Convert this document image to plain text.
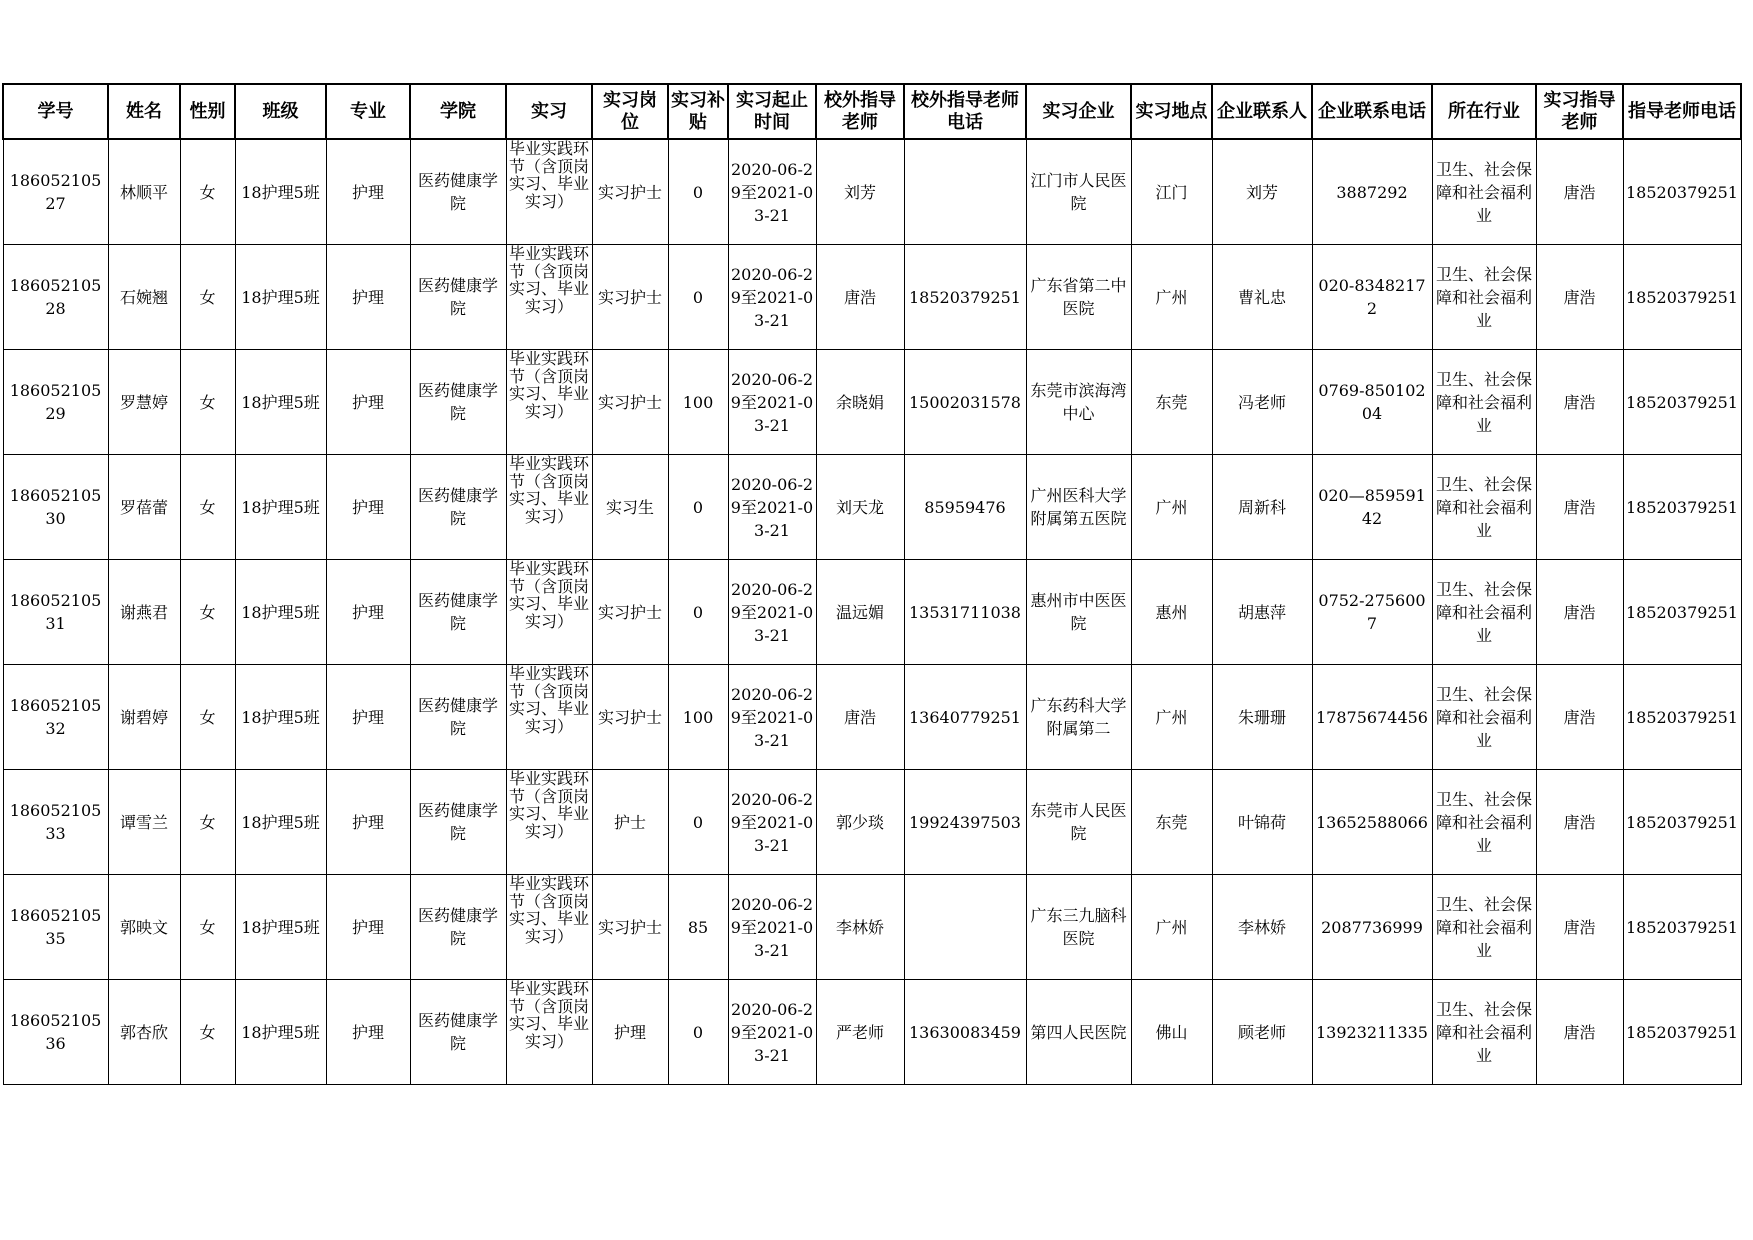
学号	姓名	性别	班级	专业	学院	实习	实习岗位	实习补贴	实习起止时间	校外指导老师	校外指导老师电话	实习企业	实习地点	企业联系人	企业联系电话	所在行业	实习指导老师	指导老师电话
18605210527	林顺平	女	18护理5班	护理	医药健康学院	毕业实践环节（含顶岗实习、毕业实习）	实习护士	0	2020-06-29至2021-03-21	刘芳		江门市人民医院	江门	刘芳	3887292	卫生、社会保障和社会福利业	唐浩	18520379251
18605210528	石婉翘	女	18护理5班	护理	医药健康学院	毕业实践环节（含顶岗实习、毕业实习）	实习护士	0	2020-06-29至2021-03-21	唐浩	18520379251	广东省第二中医院	广州	曹礼忠	020-83482172	卫生、社会保障和社会福利业	唐浩	18520379251
18605210529	罗慧婷	女	18护理5班	护理	医药健康学院	毕业实践环节（含顶岗实习、毕业实习）	实习护士	100	2020-06-29至2021-03-21	余晓娟	15002031578	东莞市滨海湾中心	东莞	冯老师	0769-85010204	卫生、社会保障和社会福利业	唐浩	18520379251
18605210530	罗蓓蕾	女	18护理5班	护理	医药健康学院	毕业实践环节（含顶岗实习、毕业实习）	实习生	0	2020-06-29至2021-03-21	刘天龙	85959476	广州医科大学附属第五医院	广州	周新科	020—85959142	卫生、社会保障和社会福利业	唐浩	18520379251
18605210531	谢燕君	女	18护理5班	护理	医药健康学院	毕业实践环节（含顶岗实习、毕业实习）	实习护士	0	2020-06-29至2021-03-21	温远媚	13531711038	惠州市中医医院	惠州	胡惠萍	0752-2756007	卫生、社会保障和社会福利业	唐浩	18520379251
18605210532	谢碧婷	女	18护理5班	护理	医药健康学院	毕业实践环节（含顶岗实习、毕业实习）	实习护士	100	2020-06-29至2021-03-21	唐浩	13640779251	广东药科大学附属第二	广州	朱珊珊	17875674456	卫生、社会保障和社会福利业	唐浩	18520379251
18605210533	谭雪兰	女	18护理5班	护理	医药健康学院	毕业实践环节（含顶岗实习、毕业实习）	护士	0	2020-06-29至2021-03-21	郭少琰	19924397503	东莞市人民医院	东莞	叶锦荷	13652588066	卫生、社会保障和社会福利业	唐浩	18520379251
18605210535	郭映文	女	18护理5班	护理	医药健康学院	毕业实践环节（含顶岗实习、毕业实习）	实习护士	85	2020-06-29至2021-03-21	李林娇		广东三九脑科医院	广州	李林娇	2087736999	卫生、社会保障和社会福利业	唐浩	18520379251
18605210536	郭杏欣	女	18护理5班	护理	医药健康学院	毕业实践环节（含顶岗实习、毕业实习）	护理	0	2020-06-29至2021-03-21	严老师	13630083459	第四人民医院	佛山	顾老师	13923211335	卫生、社会保障和社会福利业	唐浩	18520379251
